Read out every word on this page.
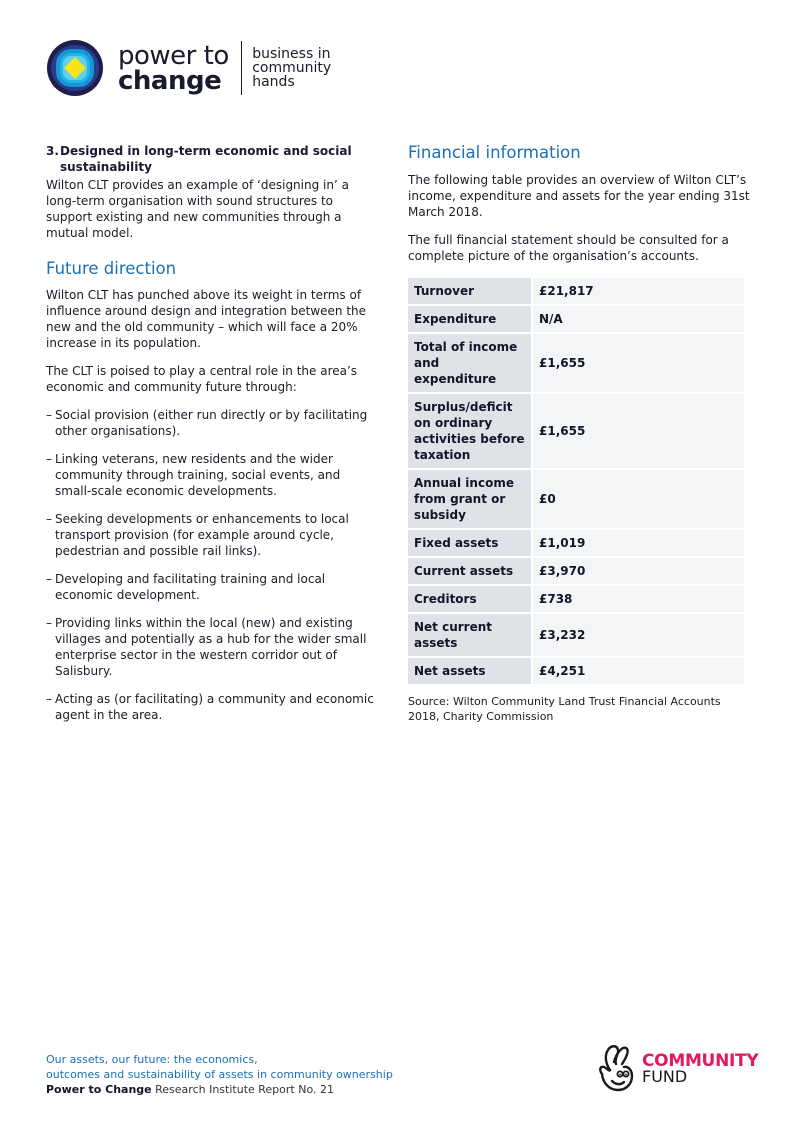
power to
change
business in
community
hands
3.Designed in long-term economic and social
sustainability

Wilton CLT provides an example of ‘designing in’ a long-term organisation with sound structures to support existing and new communities through a mutual model.

Future direction

Wilton CLT has punched above its weight in terms of influence around design and integration between the new and the old community – which will face a 20% increase in its population.

The CLT is poised to play a central role in the area’s economic and community future through:

– Social provision (either run directly or by facilitating other organisations).
– Linking veterans, new residents and the wider community through training, social events, and small-scale economic developments.
– Seeking developments or enhancements to local transport provision (for example around cycle, pedestrian and possible rail links).
– Developing and facilitating training and local economic development.
– Providing links within the local (new) and existing villages and potentially as a hub for the wider small enterprise sector in the western corridor out of Salisbury.
– Acting as (or facilitating) a community and economic agent in the area.
Financial information

The following table provides an overview of Wilton CLT’s income, expenditure and assets for the year ending 31st March 2018.

The full financial statement should be consulted for a complete picture of the organisation’s accounts.

Turnover	£21,817
Expenditure	N/A
Total of income and expenditure	£1,655
Surplus/deficit on ordinary activities before taxation	£1,655
Annual income from grant or subsidy	£0
Fixed assets	£1,019
Current assets	£3,970
Creditors	£738
Net current assets	£3,232
Net assets	£4,251

Source: Wilton Community Land Trust Financial Accounts 2018, Charity Commission

Our assets, our future: the economics,
outcomes and sustainability of assets in community ownership
Power to Change Research Institute Report No. 21
COMMUNITY
FUND
